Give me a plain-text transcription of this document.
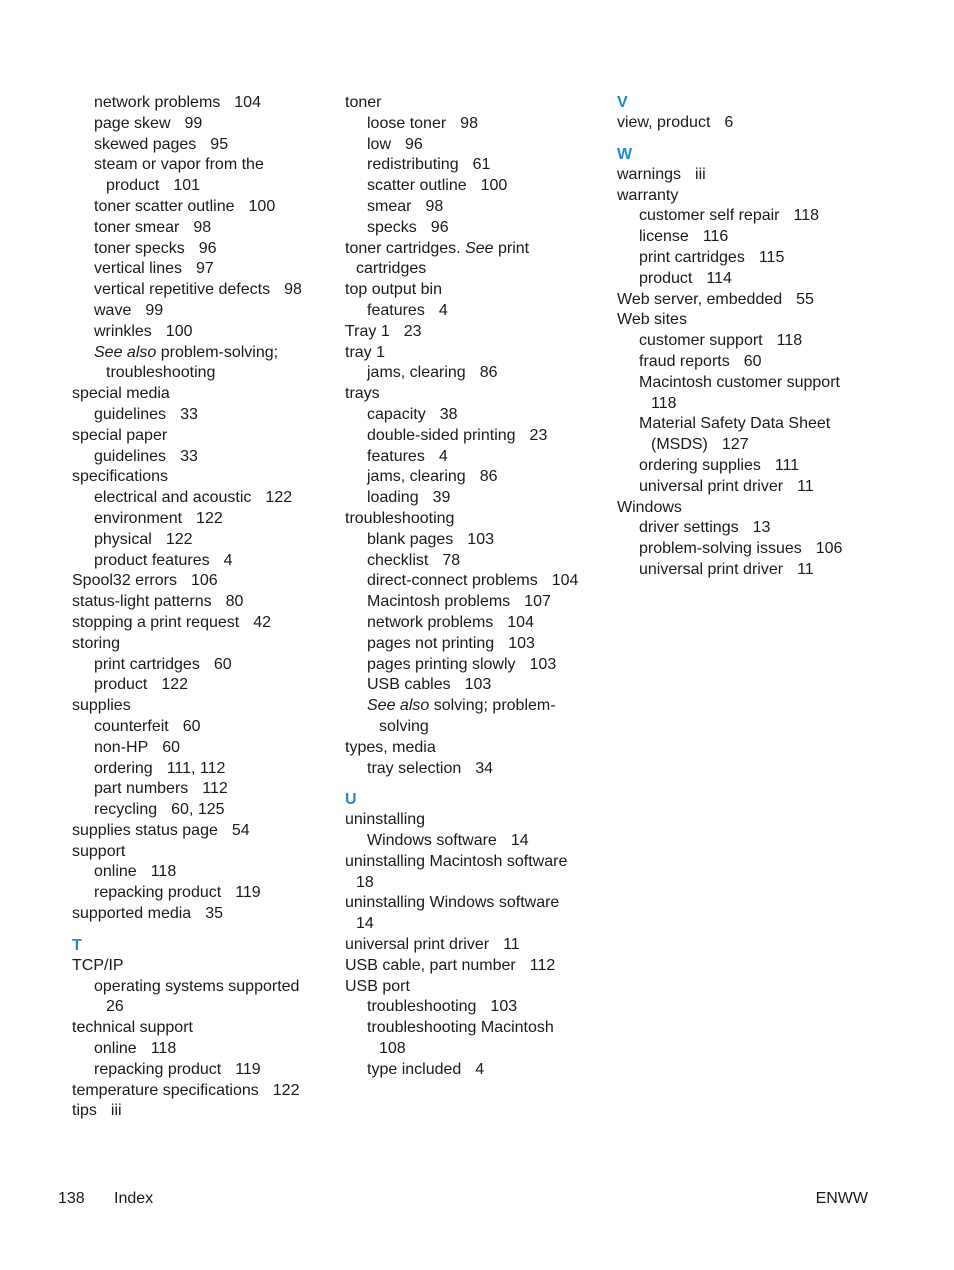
network problems 104
page skew 99
skewed pages 95
steam or vapor from the
product 101
toner scatter outline 100
toner smear 98
toner specks 96
vertical lines 97
vertical repetitive defects 98
wave 99
wrinkles 100
See also problem-solving;
troubleshooting
special media
guidelines 33
special paper
guidelines 33
specifications
electrical and acoustic 122
environment 122
physical 122
product features 4
Spool32 errors 106
status-light patterns 80
stopping a print request 42
storing
print cartridges 60
product 122
supplies
counterfeit 60
non-HP 60
ordering 111, 112
part numbers 112
recycling 60, 125
supplies status page 54
support
online 118
repacking product 119
supported media 35
T
TCP/IP
operating systems supported
26
technical support
online 118
repacking product 119
temperature specifications 122
tips iii
toner
loose toner 98
low 96
redistributing 61
scatter outline 100
smear 98
specks 96
toner cartridges. See print
cartridges
top output bin
features 4
Tray 1 23
tray 1
jams, clearing 86
trays
capacity 38
double-sided printing 23
features 4
jams, clearing 86
loading 39
troubleshooting
blank pages 103
checklist 78
direct-connect problems 104
Macintosh problems 107
network problems 104
pages not printing 103
pages printing slowly 103
USB cables 103
See also solving; problem-
solving
types, media
tray selection 34
U
uninstalling
Windows software 14
uninstalling Macintosh software
18
uninstalling Windows software
14
universal print driver 11
USB cable, part number 112
USB port
troubleshooting 103
troubleshooting Macintosh
108
type included 4
V
view, product 6
W
warnings iii
warranty
customer self repair 118
license 116
print cartridges 115
product 114
Web server, embedded 55
Web sites
customer support 118
fraud reports 60
Macintosh customer support
118
Material Safety Data Sheet
(MSDS) 127
ordering supplies 111
universal print driver 11
Windows
driver settings 13
problem-solving issues 106
universal print driver 11
138 Index	ENWW
